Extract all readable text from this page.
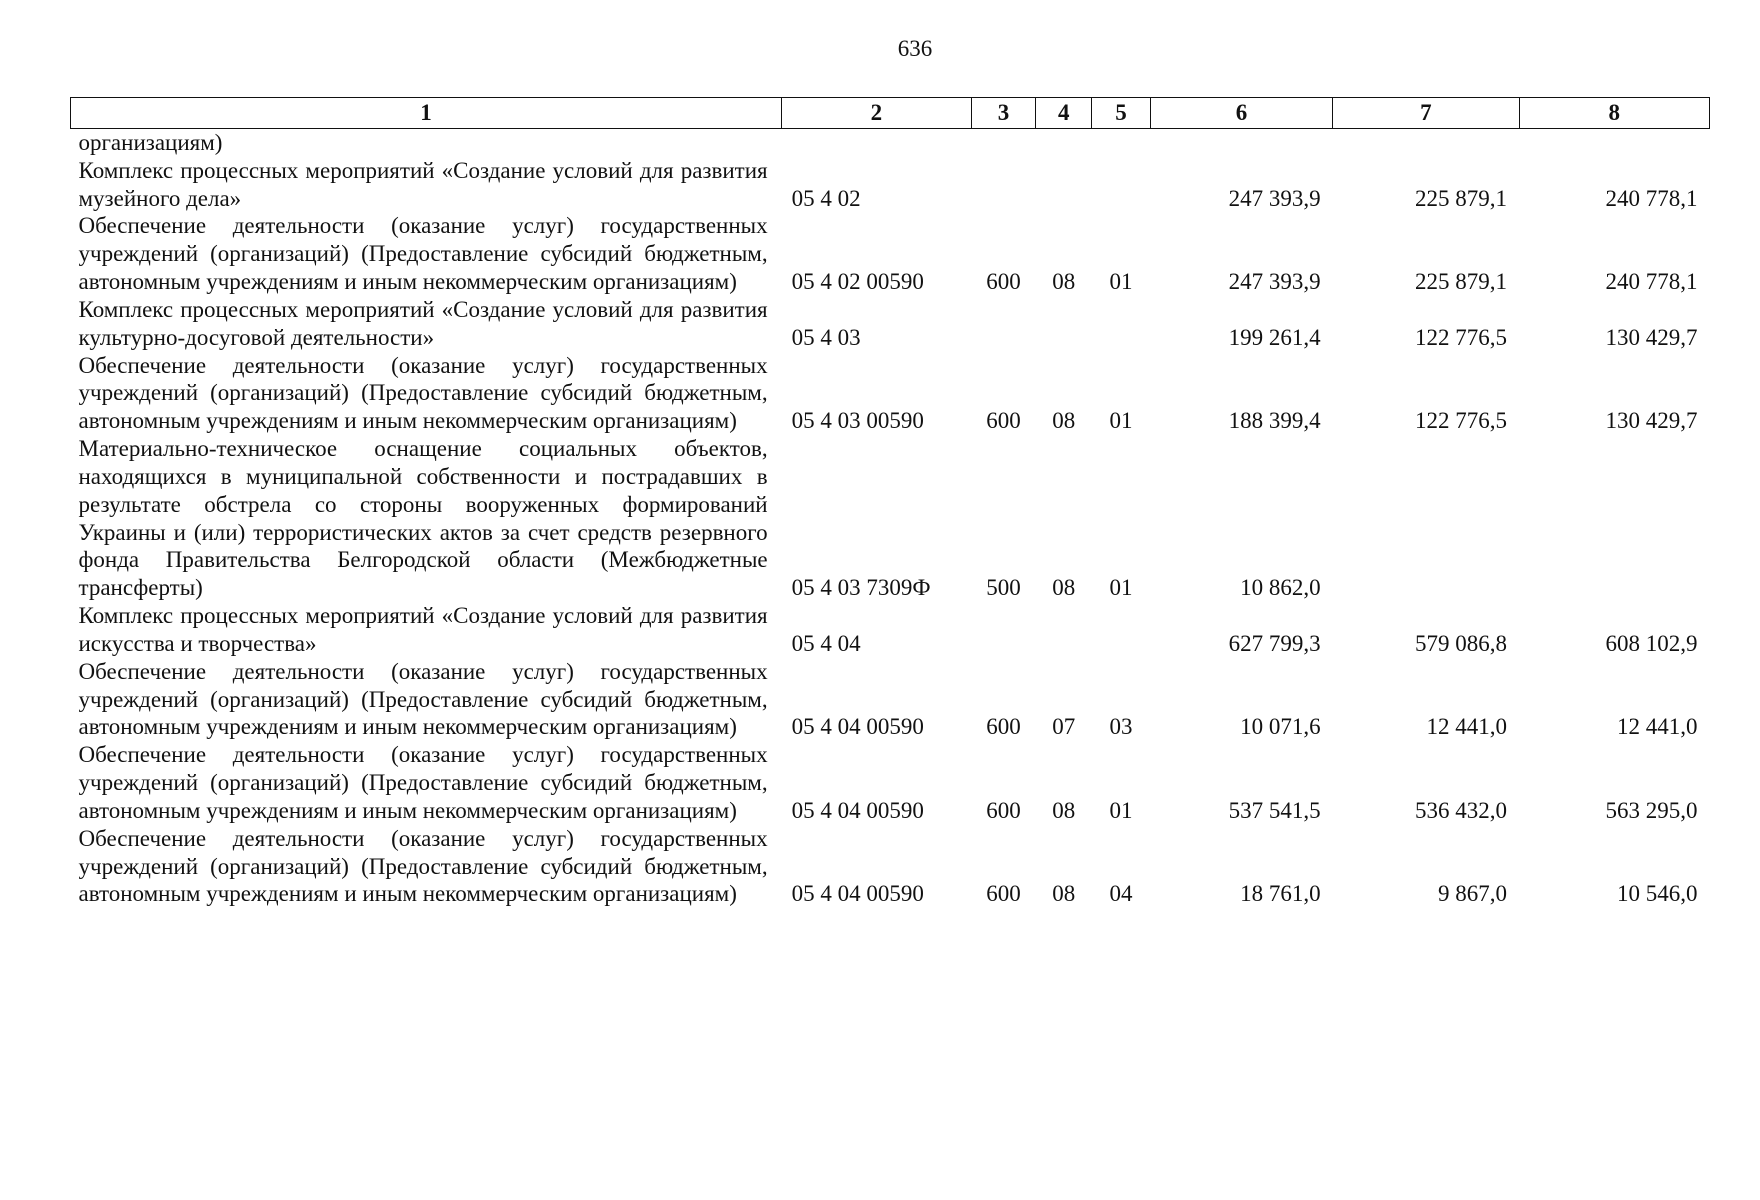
636
1	2	3	4	5	6	7	8
организациям)							
Комплекс процессных мероприятий «Создание условий для развития музейного дела»	05 4 02				247 393,9	225 879,1	240 778,1
Обеспечение деятельности (оказание услуг) государственных учреждений (организаций) (Предоставление субсидий бюджетным, автономным учреждениям и иным некоммерческим организациям)	05 4 02 00590	600	08	01	247 393,9	225 879,1	240 778,1
Комплекс процессных мероприятий «Создание условий для развития культурно-досуговой деятельности»	05 4 03				199 261,4	122 776,5	130 429,7
Обеспечение деятельности (оказание услуг) государственных учреждений (организаций) (Предоставление субсидий бюджетным, автономным учреждениям и иным некоммерческим организациям)	05 4 03 00590	600	08	01	188 399,4	122 776,5	130 429,7
Материально-техническое оснащение социальных объектов, находящихся в муниципальной собственности и пострадавших в результате обстрела со стороны вооруженных формирований Украины и (или) террористических актов за счет средств резервного фонда Правительства Белгородской области (Межбюджетные трансферты)	05 4 03 7309Ф	500	08	01	10 862,0		
Комплекс процессных мероприятий «Создание условий для развития искусства и творчества»	05 4 04				627 799,3	579 086,8	608 102,9
Обеспечение деятельности (оказание услуг) государственных учреждений (организаций) (Предоставление субсидий бюджетным, автономным учреждениям и иным некоммерческим организациям)	05 4 04 00590	600	07	03	10 071,6	12 441,0	12 441,0
Обеспечение деятельности (оказание услуг) государственных учреждений (организаций) (Предоставление субсидий бюджетным, автономным учреждениям и иным некоммерческим организациям)	05 4 04 00590	600	08	01	537 541,5	536 432,0	563 295,0
Обеспечение деятельности (оказание услуг) государственных учреждений (организаций) (Предоставление субсидий бюджетным, автономным учреждениям и иным некоммерческим организациям)	05 4 04 00590	600	08	04	18 761,0	9 867,0	10 546,0
